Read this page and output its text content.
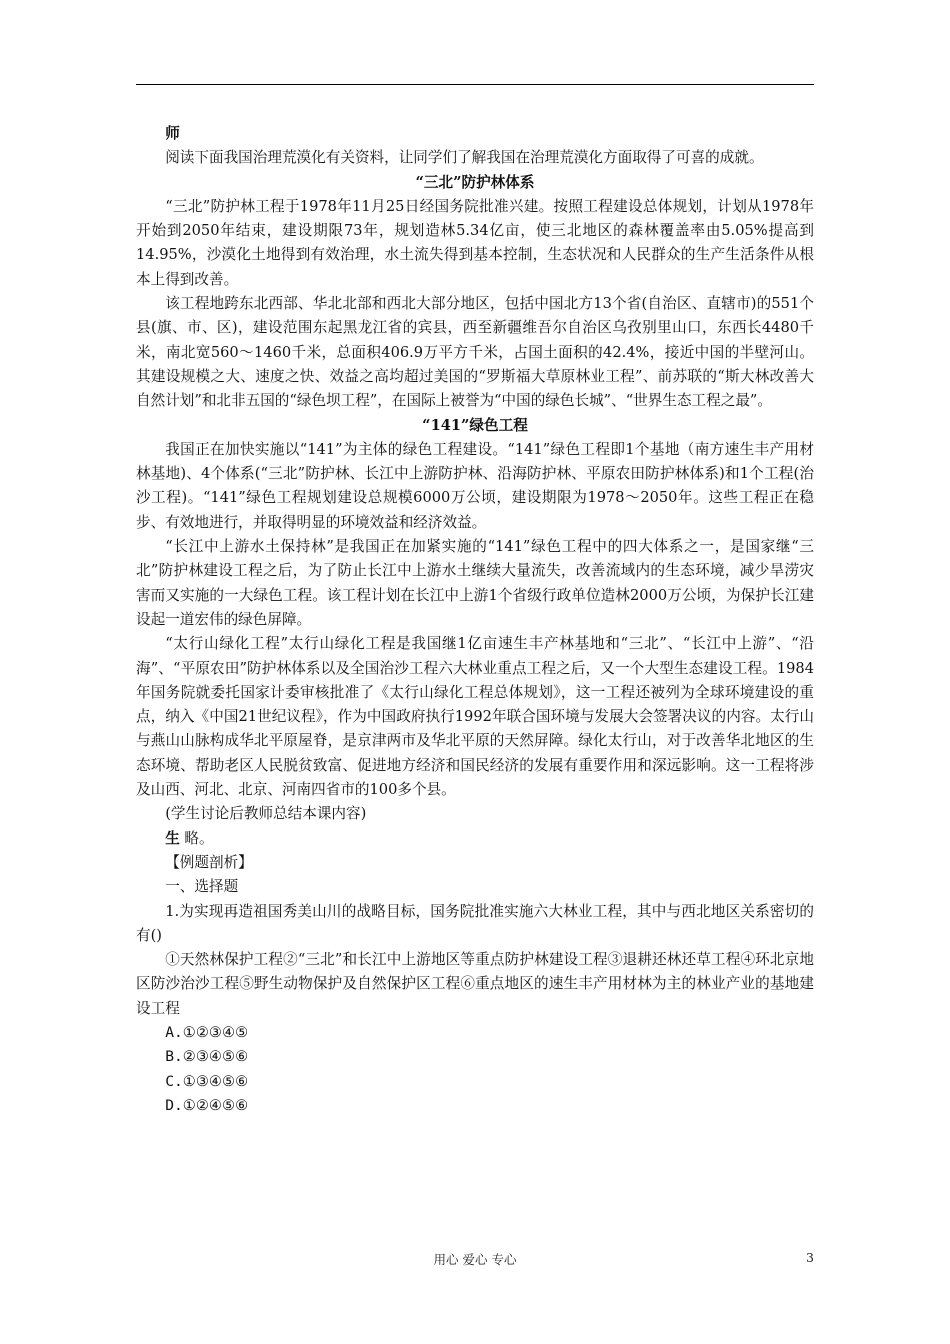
师

阅读下面我国治理荒漠化有关资料，让同学们了解我国在治理荒漠化方面取得了可喜的成就。

“三北”防护林体系

“三北”防护林工程于1978年11月25日经国务院批准兴建。按照工程建设总体规划，计划从1978年开始到2050年结束，建设期限73年，规划造林5.34亿亩，使三北地区的森林覆盖率由5.05%提高到14.95%，沙漠化土地得到有效治理，水土流失得到基本控制，生态状况和人民群众的生产生活条件从根本上得到改善。

该工程地跨东北西部、华北北部和西北大部分地区，包括中国北方13个省(自治区、直辖市)的551个县(旗、市、区)，建设范围东起黑龙江省的宾县，西至新疆维吾尔自治区乌孜别里山口，东西长4480千米，南北宽560～1460千米，总面积406.9万平方千米，占国土面积的42.4%，接近中国的半壁河山。其建设规模之大、速度之快、效益之高均超过美国的“罗斯福大草原林业工程”、前苏联的“斯大林改善大自然计划”和北非五国的“绿色坝工程”，在国际上被誉为“中国的绿色长城”、“世界生态工程之最”。

“141”绿色工程

我国正在加快实施以“141”为主体的绿色工程建设。“141”绿色工程即1个基地（南方速生丰产用材林基地)、4个体系(“三北”防护林、长江中上游防护林、沿海防护林、平原农田防护林体系)和1个工程(治沙工程)。“141”绿色工程规划建设总规模6000万公顷，建设期限为1978～2050年。这些工程正在稳步、有效地进行，并取得明显的环境效益和经济效益。

“长江中上游水土保持林”是我国正在加紧实施的“141”绿色工程中的四大体系之一，是国家继“三北”防护林建设工程之后，为了防止长江中上游水土继续大量流失，改善流域内的生态环境，减少旱涝灾害而又实施的一大绿色工程。该工程计划在长江中上游1个省级行政单位造林2000万公顷，为保护长江建设起一道宏伟的绿色屏障。

“太行山绿化工程”太行山绿化工程是我国继1亿亩速生丰产林基地和“三北”、“长江中上游”、“沿海”、“平原农田”防护林体系以及全国治沙工程六大林业重点工程之后，又一个大型生态建设工程。1984年国务院就委托国家计委审核批准了《太行山绿化工程总体规划》，这一工程还被列为全球环境建设的重点，纳入《中国21世纪议程》，作为中国政府执行1992年联合国环境与发展大会签署决议的内容。太行山与燕山山脉构成华北平原屋脊，是京津两市及华北平原的天然屏障。绿化太行山，对于改善华北地区的生态环境、帮助老区人民脱贫致富、促进地方经济和国民经济的发展有重要作用和深远影响。这一工程将涉及山西、河北、北京、河南四省市的100多个县。

(学生讨论后教师总结本课内容)

生 略。

【例题剖析】

一、选择题

1.为实现再造祖国秀美山川的战略目标，国务院批准实施六大林业工程，其中与西北地区关系密切的有()

①天然林保护工程②“三北”和长江中上游地区等重点防护林建设工程③退耕还林还草工程④环北京地区防沙治沙工程⑤野生动物保护及自然保护区工程⑥重点地区的速生丰产用材林为主的林业产业的基地建设工程

A.①②③④⑤

B.②③④⑤⑥

C.①③④⑤⑥

D.①②④⑤⑥

用心 爱心 专心	3
